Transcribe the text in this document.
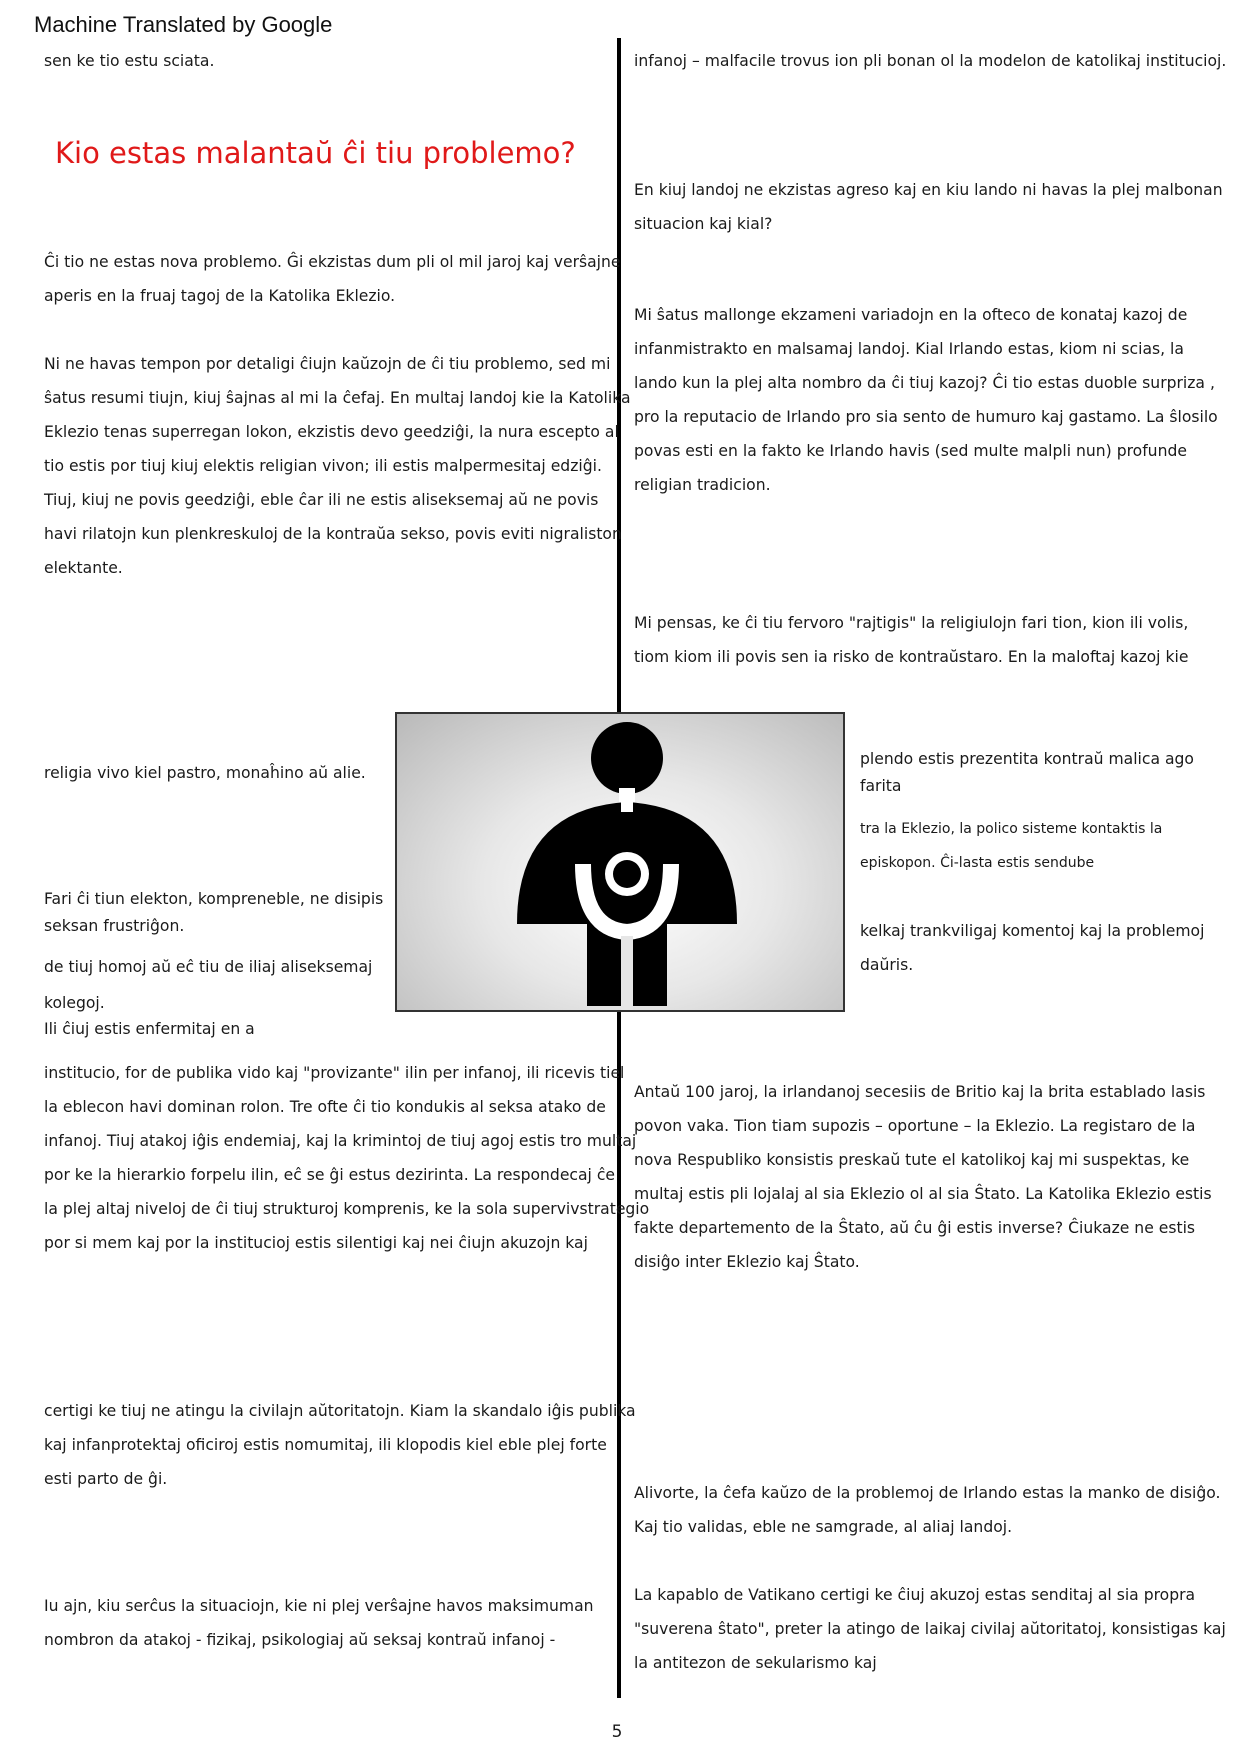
Machine Translated by Google
sen ke tio estu sciata.
Kio estas malantaŭ ĉi tiu problemo?
Ĉi tio ne estas nova problemo. Ĝi ekzistas dum pli ol mil jaroj kaj verŝajne
aperis en la fruaj tagoj de la Katolika Eklezio.
Ni ne havas tempon por detaligi ĉiujn kaŭzojn de ĉi tiu problemo, sed mi
ŝatus resumi tiujn, kiuj ŝajnas al mi la ĉefaj. En multaj landoj kie la Katolika
Eklezio tenas superregan lokon, ekzistis devo geedziĝi, la nura escepto al
tio estis por tiuj kiuj elektis religian vivon; ili estis malpermesitaj edziĝi.
Tiuj, kiuj ne povis geedziĝi, eble ĉar ili ne estis aliseksemaj aŭ ne povis
havi rilatojn kun plenkreskuloj de la kontraŭa sekso, povis eviti nigraliston
elektante.
religia vivo kiel pastro, monaĥino aŭ alie.
Fari ĉi tiun elekton, kompreneble, ne disipis
seksan frustriĝon.
de tiuj homoj aŭ eĉ tiu de iliaj aliseksemaj
kolegoj.
Ili ĉiuj estis enfermitaj en a
institucio, for de publika vido kaj "provizante" ilin per infanoj, ili ricevis tiel
la eblecon havi dominan rolon. Tre ofte ĉi tio kondukis al seksa atako de
infanoj. Tiuj atakoj iĝis endemiaj, kaj la krimintoj de tiuj agoj estis tro multaj
por ke la hierarkio forpelu ilin, eĉ se ĝi estus dezirinta. La respondecaj ĉe
la plej altaj niveloj de ĉi tiuj strukturoj komprenis, ke la sola supervivstrategio
por si mem kaj por la institucioj estis silentigi kaj nei ĉiujn akuzojn kaj
certigi ke tiuj ne atingu la civilajn aŭtoritatojn. Kiam la skandalo iĝis publika
kaj infanprotektaj oficiroj estis nomumitaj, ili klopodis kiel eble plej forte
esti parto de ĝi.
Iu ajn, kiu serĉus la situaciojn, kie ni plej verŝajne havos maksimuman
nombron da atakoj - fizikaj, psikologiaj aŭ seksaj kontraŭ infanoj -
infanoj – malfacile trovus ion pli bonan ol la modelon de katolikaj institucioj.
En kiuj landoj ne ekzistas agreso kaj en kiu lando ni havas la plej malbonan
situacion kaj kial?
Mi ŝatus mallonge ekzameni variadojn en la ofteco de konataj kazoj de
infanmistrakto en malsamaj landoj. Kial Irlando estas, kiom ni scias, la
lando kun la plej alta nombro da ĉi tiuj kazoj? Ĉi tio estas duoble surpriza ,
pro la reputacio de Irlando pro sia sento de humuro kaj gastamo. La ŝlosilo
povas esti en la fakto ke Irlando havis (sed multe malpli nun) profunde
religian tradicion.
Mi pensas, ke ĉi tiu fervoro "rajtigis" la religiulojn fari tion, kion ili volis,
tiom kiom ili povis sen ia risko de kontraŭstaro. En la maloftaj kazoj kie
plendo estis prezentita kontraŭ malica ago
farita
tra la Eklezio, la polico sisteme kontaktis la
episkopon. Ĉi-lasta estis sendube
kelkaj trankviligaj komentoj kaj la problemoj
daŭris.
Antaŭ 100 jaroj, la irlandanoj secesiis de Britio kaj la brita establado lasis
povon vaka. Tion tiam supozis – oportune – la Eklezio. La registaro de la
nova Respubliko konsistis preskaŭ tute el katolikoj kaj mi suspektas, ke
multaj estis pli lojalaj al sia Eklezio ol al sia Ŝtato. La Katolika Eklezio estis
fakte departemento de la Ŝtato, aŭ ĉu ĝi estis inverse? Ĉiukaze ne estis
disiĝo inter Eklezio kaj Ŝtato.
Alivorte, la ĉefa kaŭzo de la problemoj de Irlando estas la manko de disiĝo.
Kaj tio validas, eble ne samgrade, al aliaj landoj.
La kapablo de Vatikano certigi ke ĉiuj akuzoj estas senditaj al sia propra
"suverena ŝtato", preter la atingo de laikaj civilaj aŭtoritatoj, konsistigas kaj
la antitezon de sekularismo kaj
5
